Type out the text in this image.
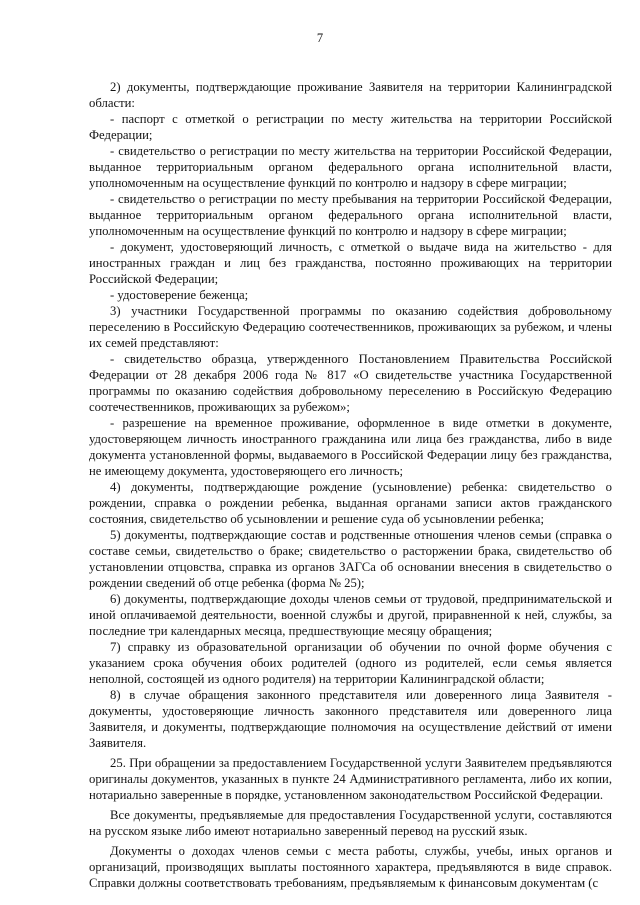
7

2) документы, подтверждающие проживание Заявителя на территории Калининградской области:

- паспорт с отметкой о регистрации по месту жительства на территории Российской Федерации;

- свидетельство о регистрации по месту жительства на территории Российской Федерации, выданное территориальным органом федерального органа исполнительной власти, уполномоченным на осуществление функций по контролю и надзору в сфере миграции;

- свидетельство о регистрации по месту пребывания на территории Российской Федерации, выданное территориальным органом федерального органа исполнительной власти, уполномоченным на осуществление функций по контролю и надзору в сфере миграции;

- документ, удостоверяющий личность, с отметкой о выдаче вида на жительство - для иностранных граждан и лиц без гражданства, постоянно проживающих на территории Российской Федерации;

- удостоверение беженца;

3) участники Государственной программы по оказанию содействия добровольному переселению в Российскую Федерацию соотечественников, проживающих за рубежом, и члены их семей представляют:

- свидетельство образца, утвержденного Постановлением Правительства Российской Федерации от 28 декабря 2006 года № 817 «О свидетельстве участника Государственной программы по оказанию содействия добровольному переселению в Российскую Федерацию соотечественников, проживающих за рубежом»;

- разрешение на временное проживание, оформленное в виде отметки в документе, удостоверяющем личность иностранного гражданина или лица без гражданства, либо в виде документа установленной формы, выдаваемого в Российской Федерации лицу без гражданства, не имеющему документа, удостоверяющего его личность;

4) документы, подтверждающие рождение (усыновление) ребенка: свидетельство о рождении, справка о рождении ребенка, выданная органами записи актов гражданского состояния, свидетельство об усыновлении и решение суда об усыновлении ребенка;

5) документы, подтверждающие состав и родственные отношения членов семьи (справка о составе семьи, свидетельство о браке; свидетельство о расторжении брака, свидетельство об установлении отцовства, справка из органов ЗАГСа об основании внесения в свидетельство о рождении сведений об отце ребенка (форма № 25);

6) документы, подтверждающие доходы членов семьи от трудовой, предпринимательской и иной оплачиваемой деятельности, военной службы и другой, приравненной к ней, службы, за последние три календарных месяца, предшествующие месяцу обращения;

7) справку из образовательной организации об обучении по очной форме обучения с указанием срока обучения обоих родителей (одного из родителей, если семья является неполной, состоящей из одного родителя) на территории Калининградской области;

8) в случае обращения законного представителя или доверенного лица Заявителя - документы, удостоверяющие личность законного представителя или доверенного лица Заявителя, и документы, подтверждающие полномочия на осуществление действий от имени Заявителя.

25. При обращении за предоставлением Государственной услуги Заявителем предъявляются оригиналы документов, указанных в пункте 24 Административного регламента, либо их копии, нотариально заверенные в порядке, установленном законодательством Российской Федерации.

Все документы, предъявляемые для предоставления Государственной услуги, составляются на русском языке либо имеют нотариально заверенный перевод на русский язык.

Документы о доходах членов семьи с места работы, службы, учебы, иных органов и организаций, производящих выплаты постоянного характера, предъявляются в виде справок. Справки должны соответствовать требованиям, предъявляемым к финансовым документам (с
